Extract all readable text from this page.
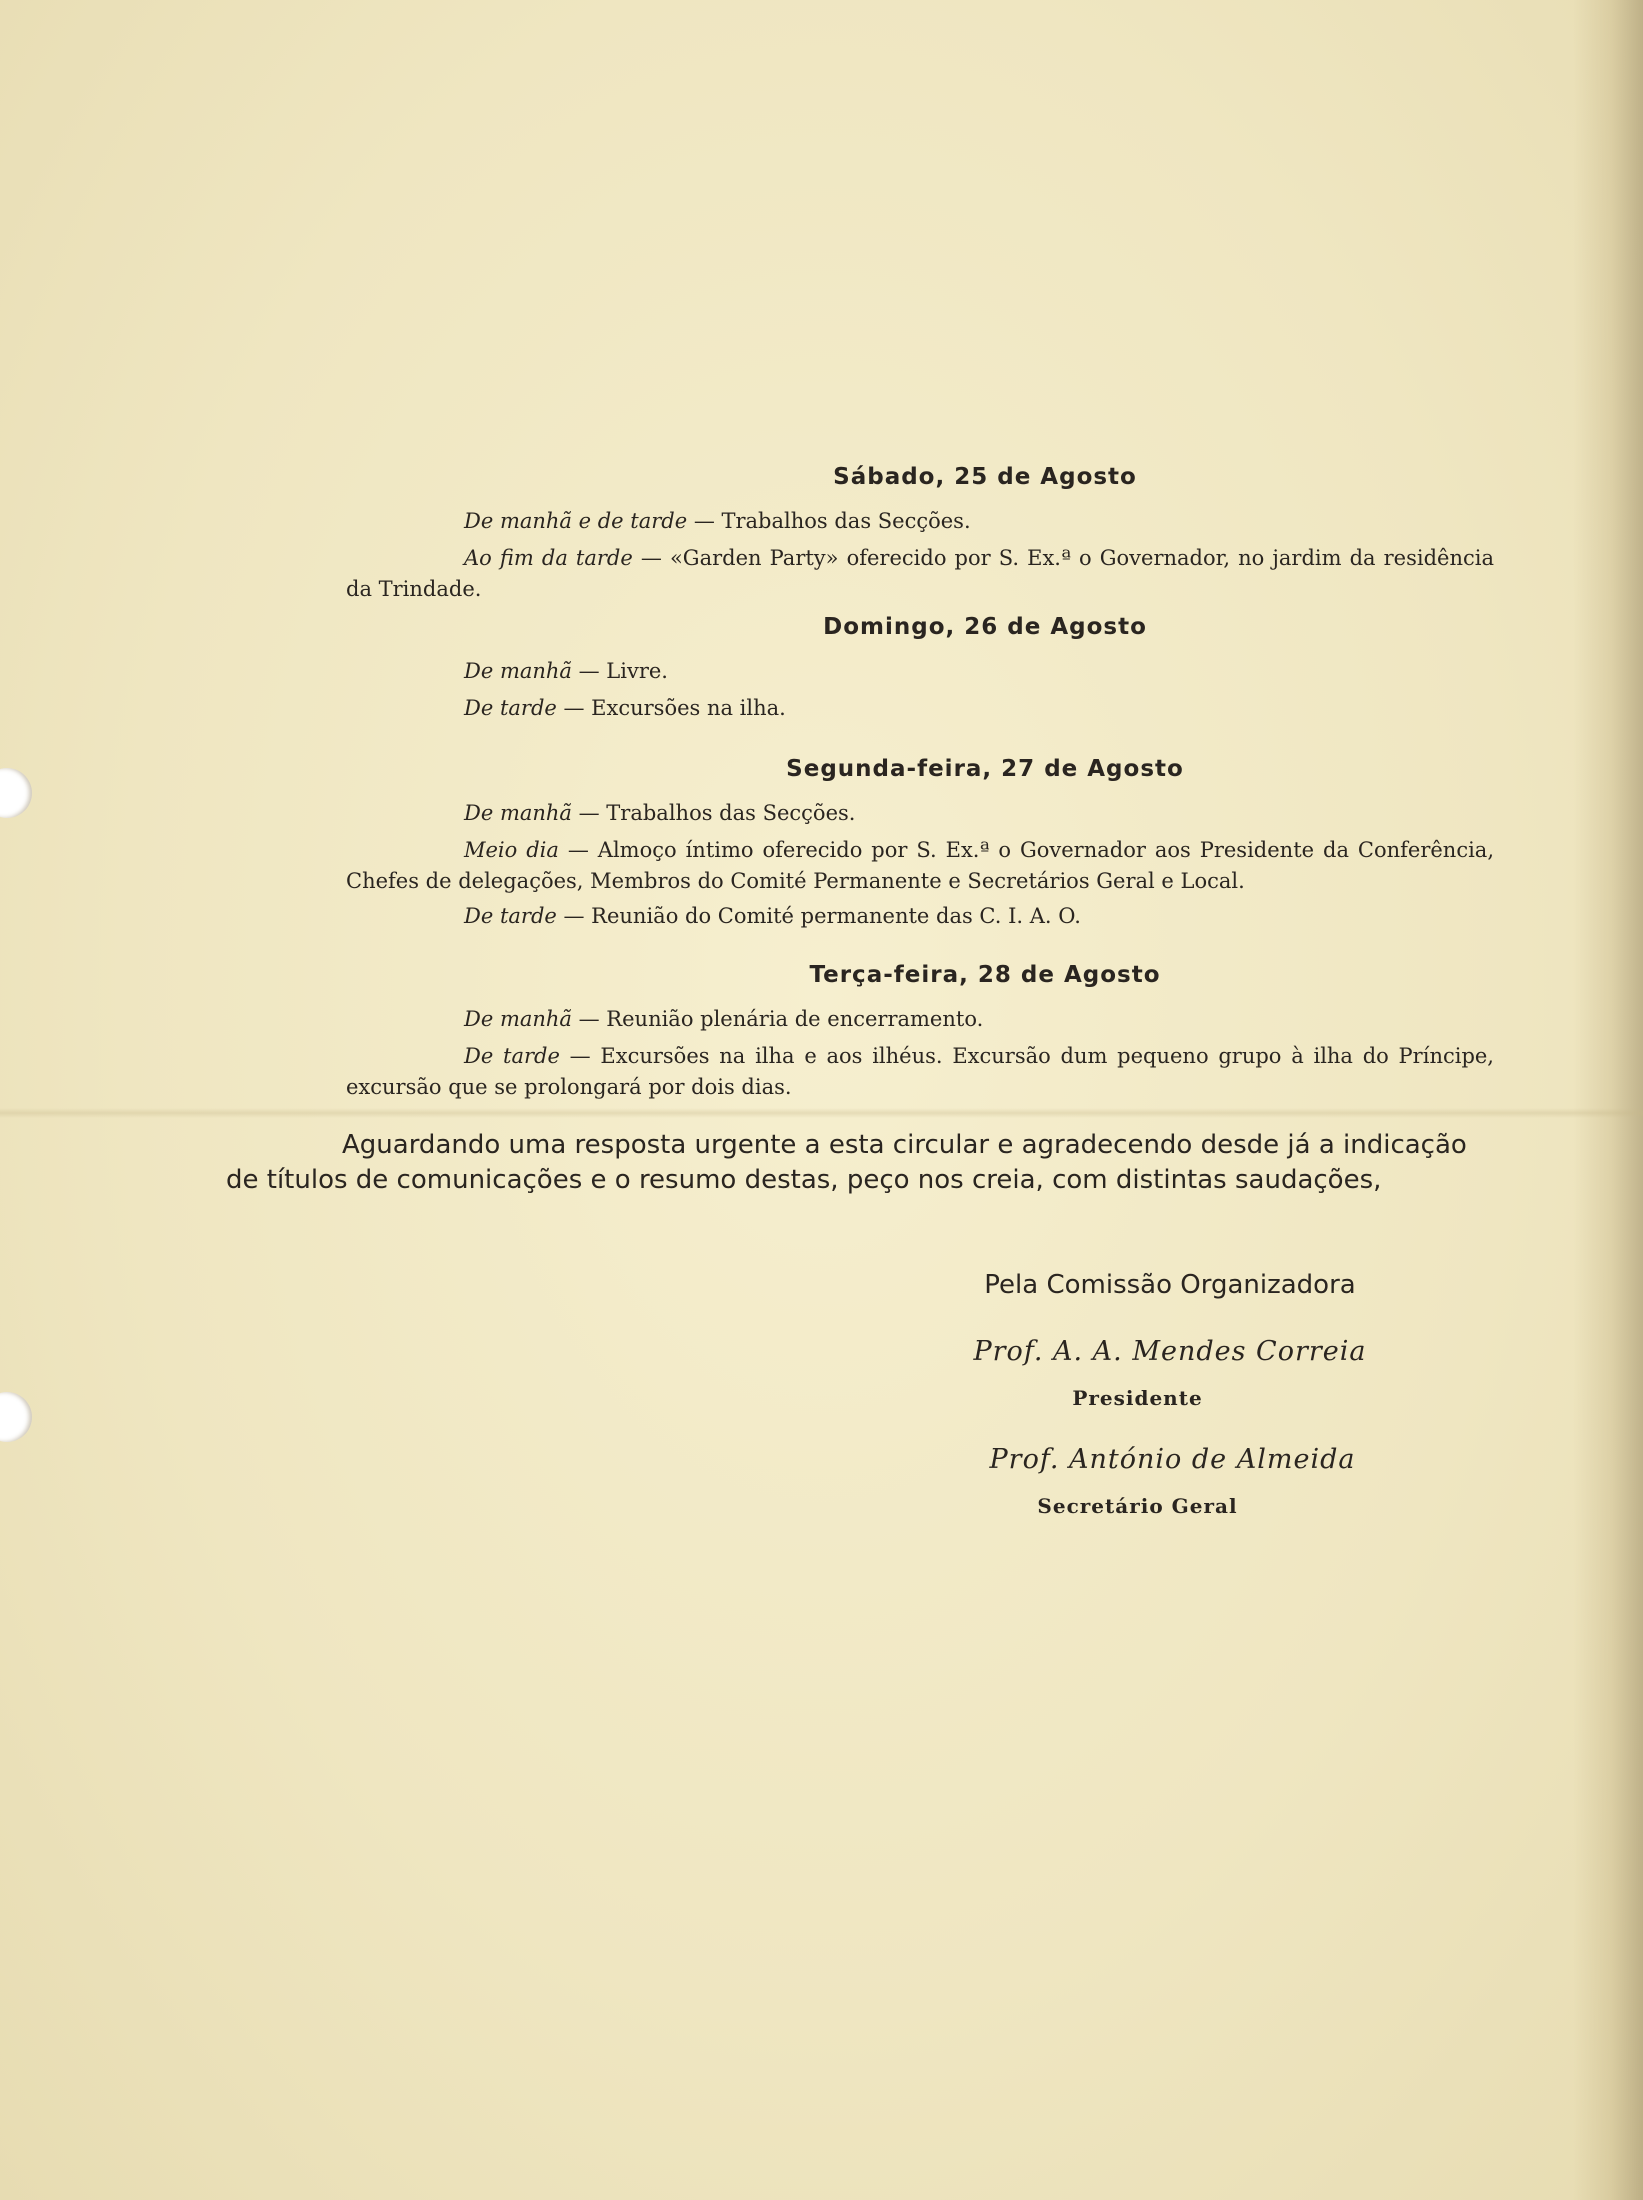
Sábado, 25 de Agosto

De manhã e de tarde — Trabalhos das Secções.

Ao fim da tarde — «Garden Party» oferecido por S. Ex.ª o Governador, no jardim da residência da Trindade.

Domingo, 26 de Agosto

De manhã — Livre.

De tarde — Excursões na ilha.

Segunda-feira, 27 de Agosto

De manhã — Trabalhos das Secções.

Meio dia — Almoço íntimo oferecido por S. Ex.ª o Governador aos Presidente da Conferência, Chefes de delegações, Membros do Comité Permanente e Secretários Geral e Local.

De tarde — Reunião do Comité permanente das C. I. A. O.

Terça-feira, 28 de Agosto

De manhã — Reunião plenária de encerramento.

De tarde — Excursões na ilha e aos ilhéus. Excursão dum pequeno grupo à ilha do Príncipe, excursão que se prolongará por dois dias.

Aguardando uma resposta urgente a esta circular e agradecendo desde já a indicação
de títulos de comunicações e o resumo destas, peço nos creia, com distintas saudações,

Pela Comissão Organizadora
Prof. A. A. Mendes Correia
Presidente
Prof. António de Almeida
Secretário Geral
